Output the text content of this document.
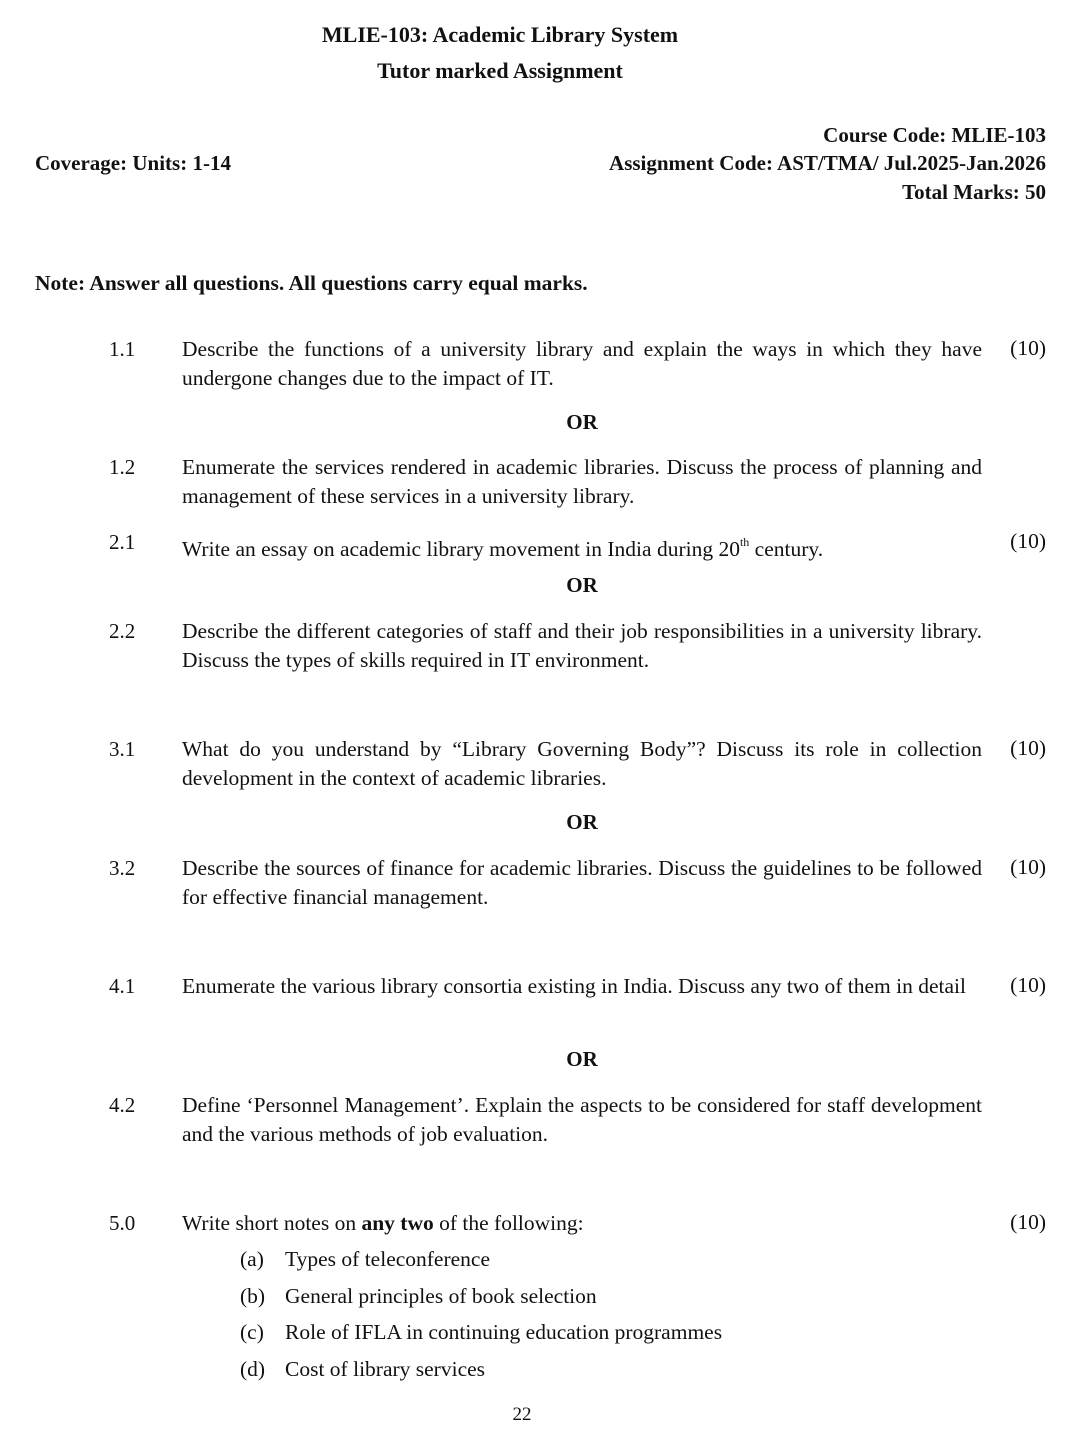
MLIE-103: Academic Library System
Tutor marked Assignment
Course Code: MLIE-103
Coverage: Units: 1-14	Assignment Code: AST/TMA/ Jul.2025-Jan.2026
Total Marks: 50
Note: Answer all questions. All questions carry equal marks.
1.1 Describe the functions of a university library and explain the ways in which they have undergone changes due to the impact of IT.
(10)
OR
1.2 Enumerate the services rendered in academic libraries. Discuss the process of planning and management of these services in a university library.
2.1 Write an essay on academic library movement in India during 20th century.	(10)
OR
2.2 Describe the different categories of staff and their job responsibilities in a university library. Discuss the types of skills required in IT environment.
3.1 What do you understand by “Library Governing Body”? Discuss its role in collection development in the context of academic libraries.
(10)
OR
3.2 Describe the sources of finance for academic libraries. Discuss the guidelines to be followed for effective financial management.
(10)
4.1 Enumerate the various library consortia existing in India. Discuss any two of them in detail	(10)
OR
4.2 Define ‘Personnel Management’. Explain the aspects to be considered for staff development and the various methods of job evaluation.
5.0 Write short notes on any two of the following:	(10)
(a) Types of teleconference
(b) General principles of book selection
(c) Role of IFLA in continuing education programmes
(d) Cost of library services
22
